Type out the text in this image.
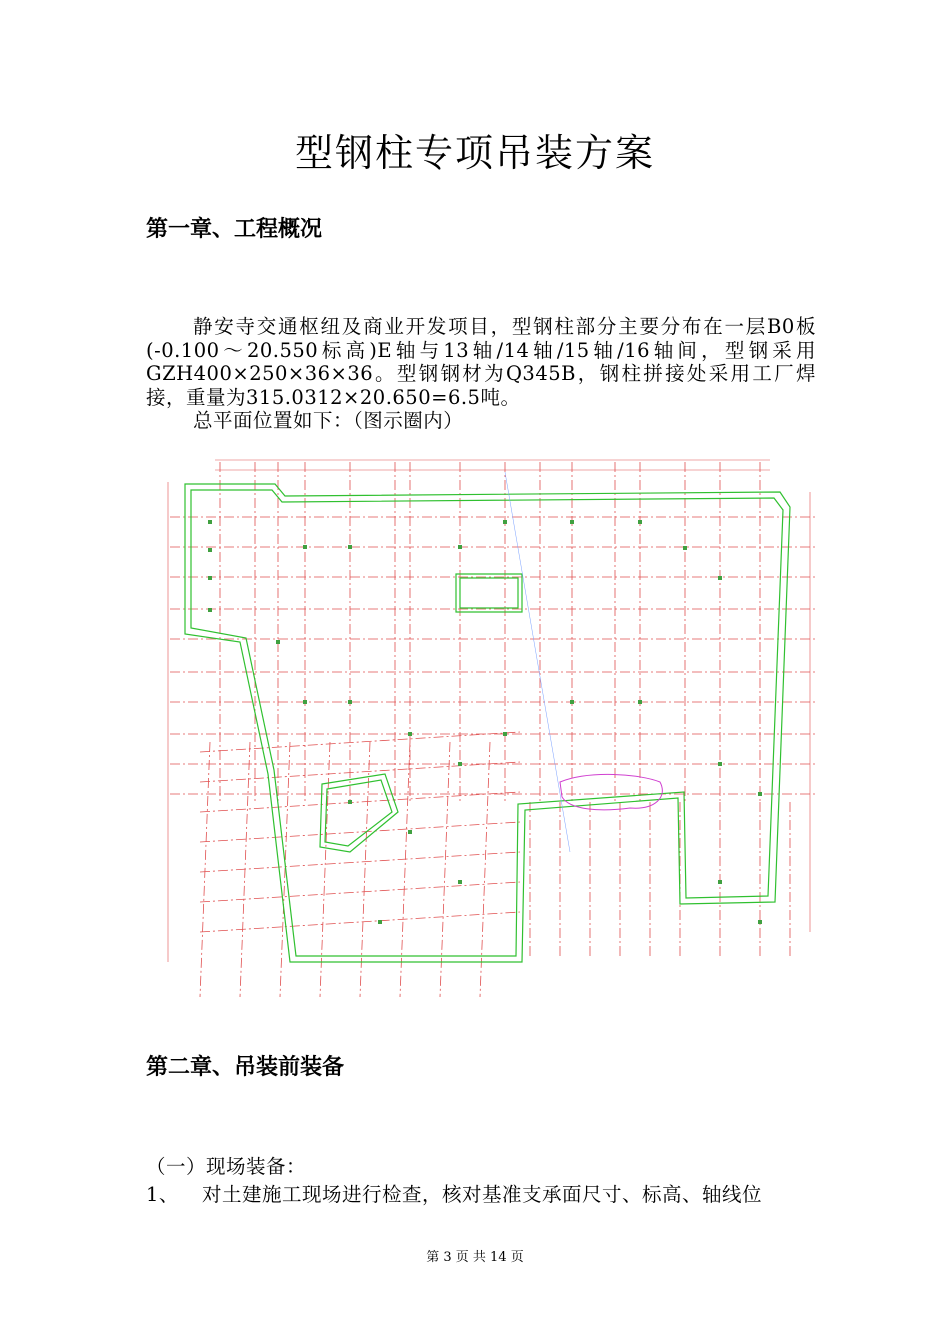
型钢柱专项吊装方案
第一章、工程概况
静安寺交通枢纽及商业开发项目，型钢柱部分主要分布在一层B0板(-0.100～20.550标高)E轴与13轴/14轴/15轴/16轴间，型钢采用GZH400×250×36×36。型钢钢材为Q345B，钢柱拼接处采用工厂焊接，重量为315.0312×20.650=6.5吨。
总平面位置如下：（图示圈内）
第二章、吊装前装备
（一）现场装备：
1、 对土建施工现场进行检查，核对基准支承面尺寸、标高、轴线位
第 3 页 共 14 页
